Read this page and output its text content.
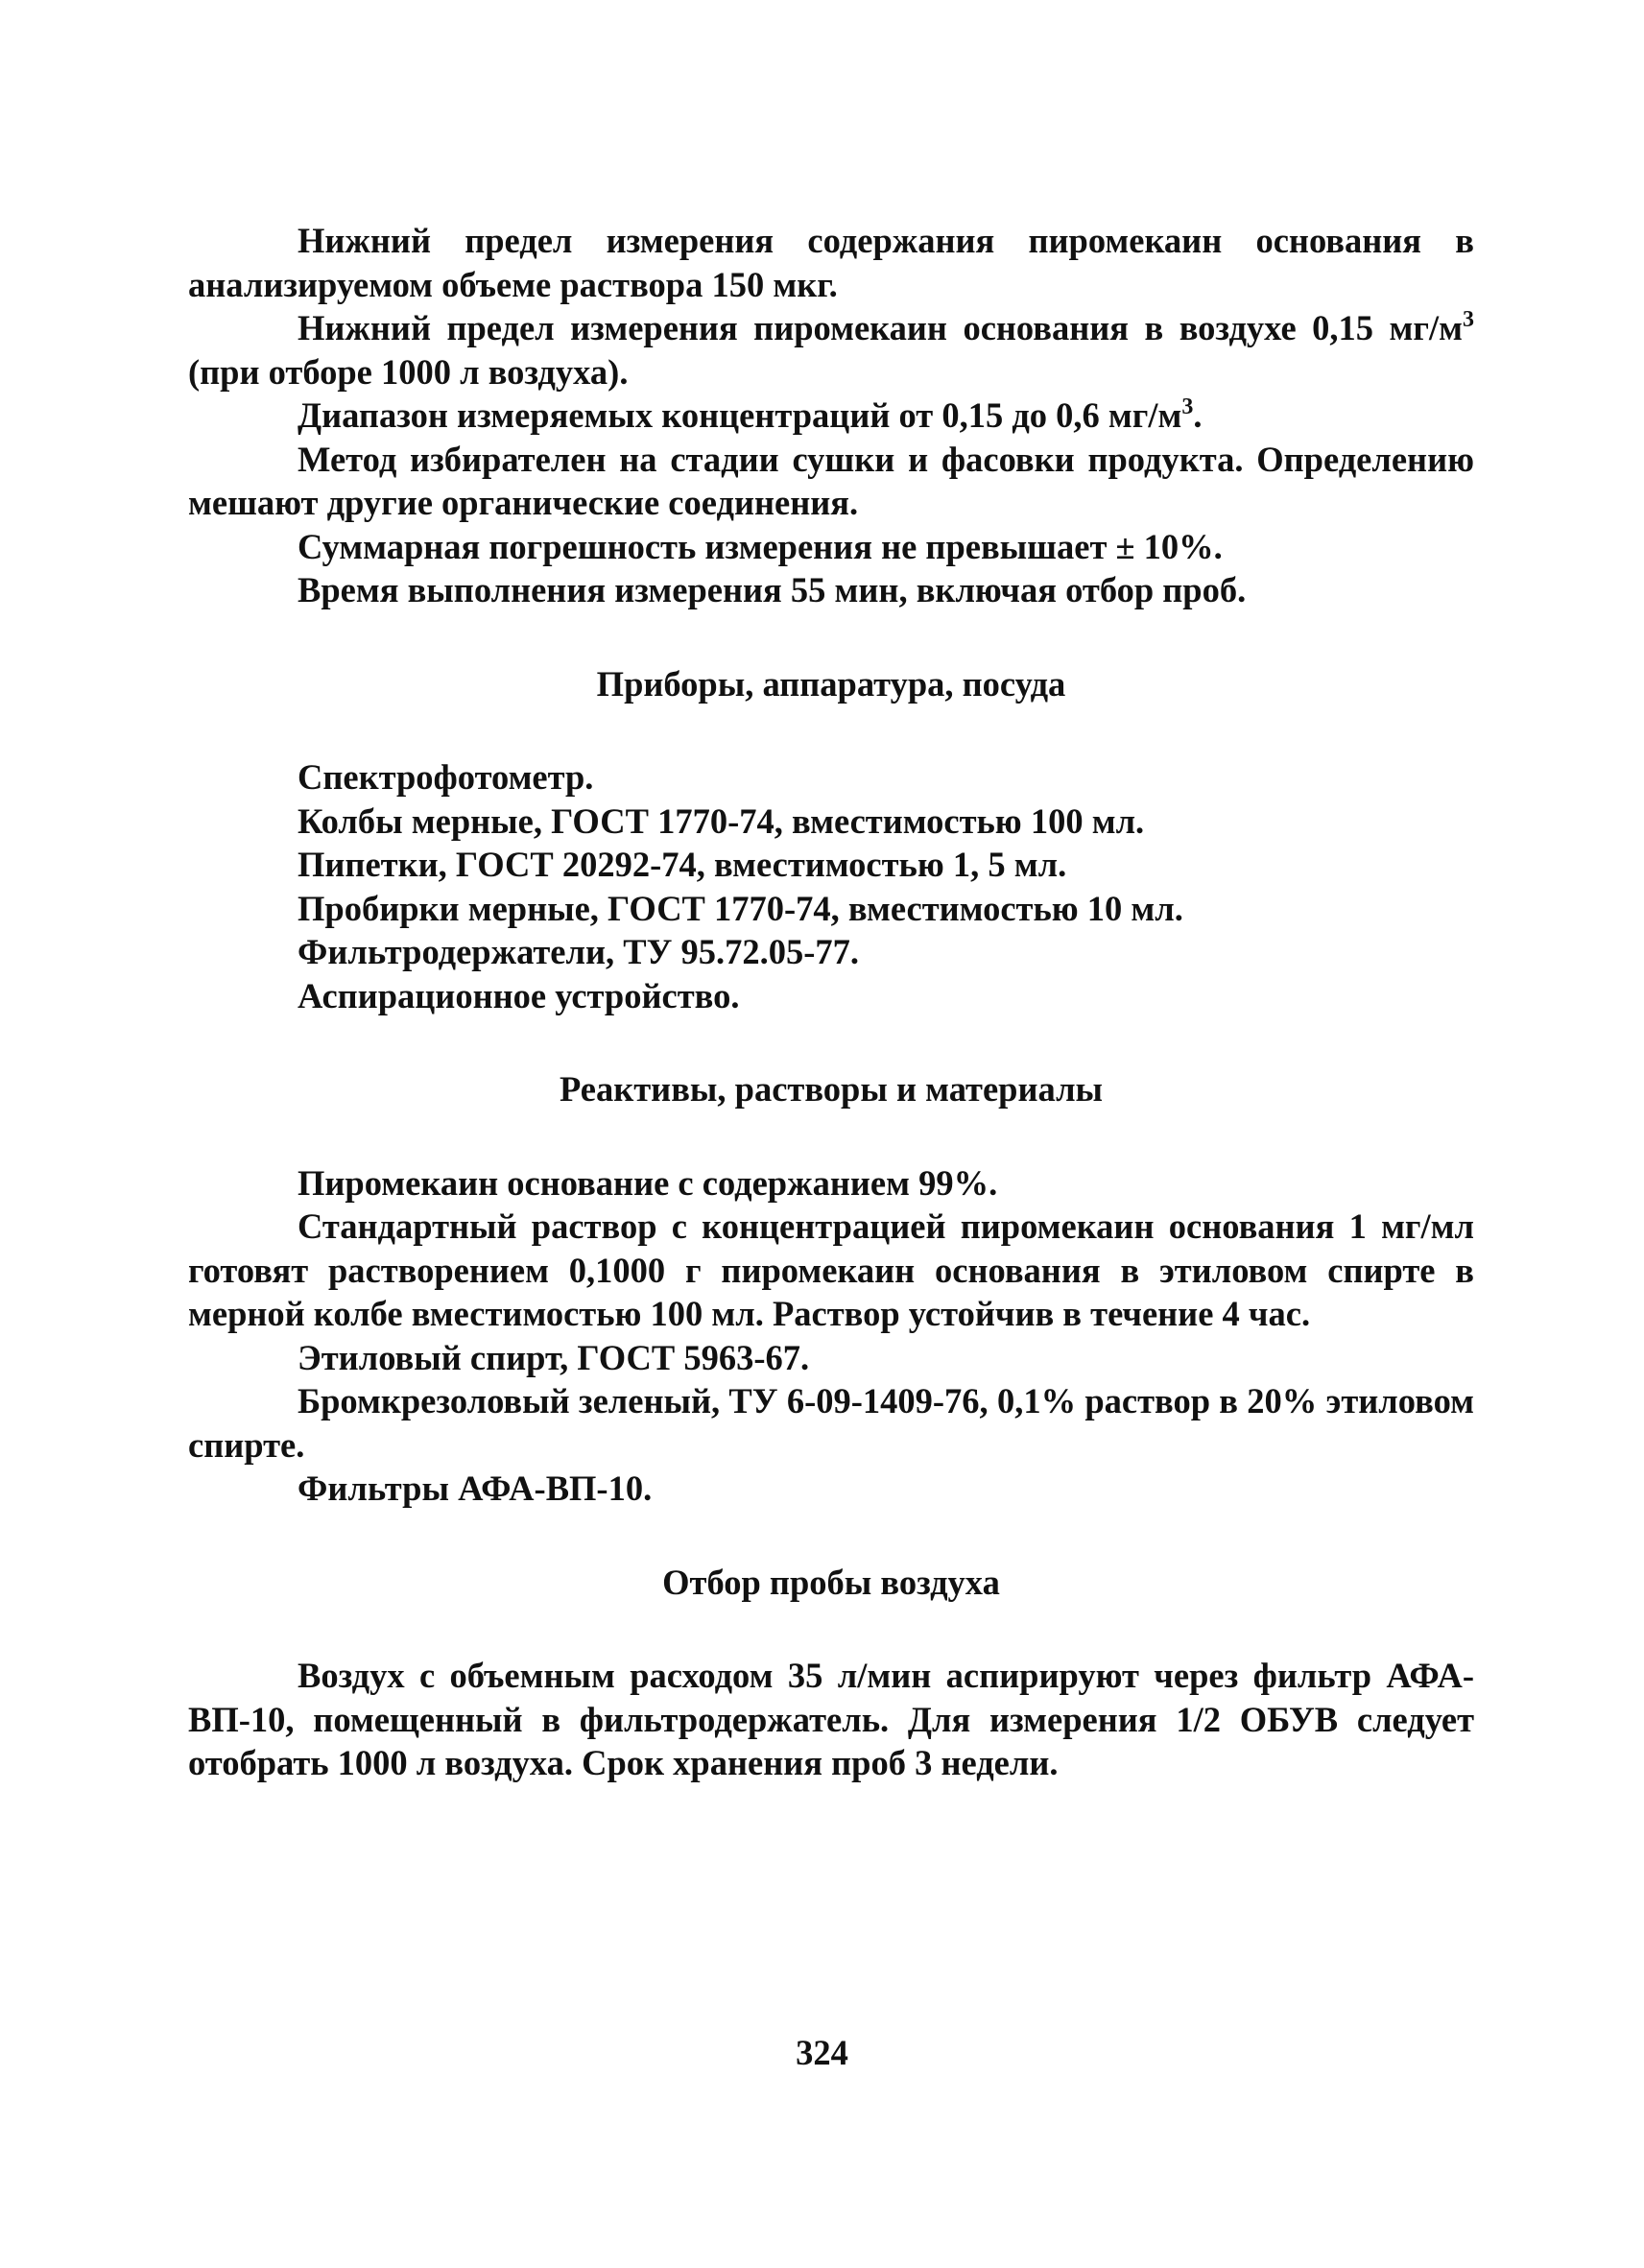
Нижний предел измерения содержания пиромекаин основания в анализируемом объеме раствора 150 мкг.

Нижний предел измерения пиромекаин основания в воздухе 0,15 $мг/м^3$ (при отборе 1000 л воздуха).

Диапазон измеряемых концентраций от 0,15 до 0,6 $мг/м^3$.

Метод избирателен на стадии сушки и фасовки продукта. Определению мешают другие органические соединения.

Суммарная погрешность измерения не превышает ± 10%.

Время выполнения измерения 55 мин, включая отбор проб.

Приборы, аппаратура, посуда

Спектрофотометр.

Колбы мерные, ГОСТ 1770-74, вместимостью 100 мл.

Пипетки, ГОСТ 20292-74, вместимостью 1, 5 мл.

Пробирки мерные, ГОСТ 1770-74, вместимостью 10 мл.

Фильтродержатели, ТУ 95.72.05-77.

Аспирационное устройство.

Реактивы, растворы и материалы

Пиромекаин основание с содержанием 99%.

Стандартный раствор с концентрацией пиромекаин основания 1 мг/мл готовят растворением 0,1000 г пиромекаин основания в этиловом спирте в мерной колбе вместимостью 100 мл. Раствор устойчив в течение 4 час.

Этиловый спирт, ГОСТ 5963-67.

Бромкрезоловый зеленый, ТУ 6-09-1409-76, 0,1% раствор в 20% этиловом спирте.

Фильтры АФА-ВП-10.

Отбор пробы воздуха

Воздух с объемным расходом 35 л/мин аспирируют через фильтр АФА-ВП-10, помещенный в фильтродержатель. Для измерения 1/2 ОБУВ следует отобрать 1000 л воздуха. Срок хранения проб 3 недели.

324
